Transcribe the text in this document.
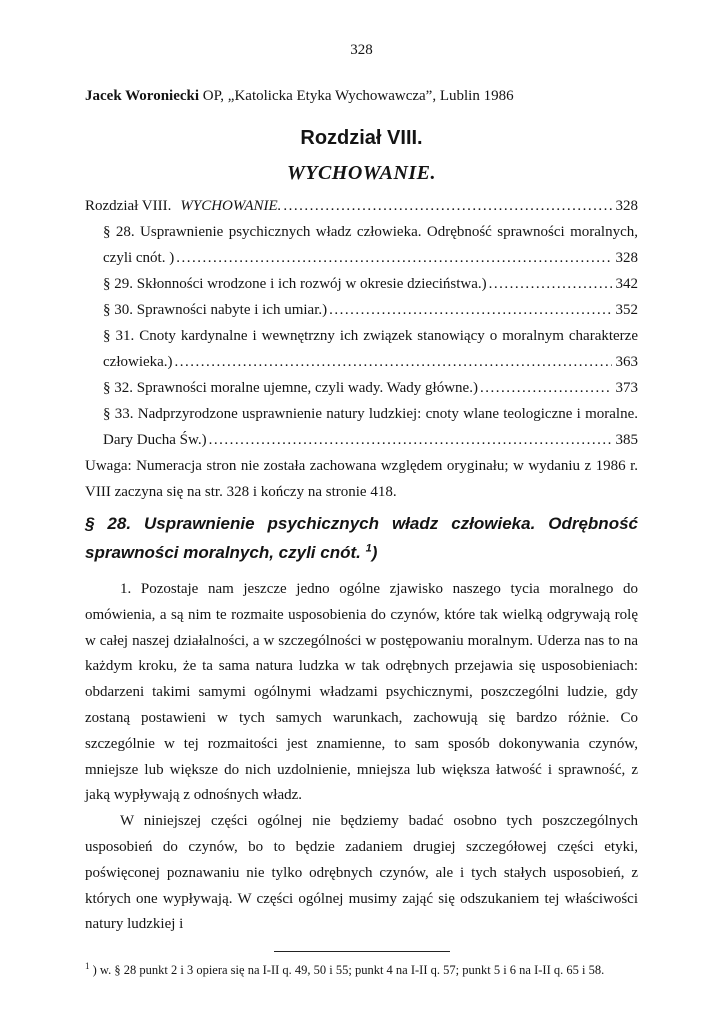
328
Jacek Woroniecki OP, „Katolicka Etyka Wychowawcza”, Lublin 1986
Rozdział VIII.
WYCHOWANIE.
Rozdział VIII. WYCHOWANIE. .....	328
§ 28. Usprawnienie psychicznych władz człowieka. Odrębność sprawności moralnych,
czyli cnót. ) .....	328
§ 29. Skłonności wrodzone i ich rozwój w okresie dzieciństwa.) .....	342
§ 30. Sprawności nabyte i ich umiar.) .....	352
§ 31. Cnoty kardynalne i wewnętrzny ich związek stanowiący o moralnym charakterze
człowieka.) .....	363
§ 32. Sprawności moralne ujemne, czyli wady. Wady główne.) .....	373
§ 33. Nadprzyrodzone usprawnienie natury ludzkiej: cnoty wlane teologiczne i moralne.
Dary Ducha Św.) .....	385
Uwaga: Numeracja stron nie została zachowana względem oryginału; w wydaniu z 1986 r. VIII zaczyna się na str. 328 i kończy na stronie 418.
§ 28. Usprawnienie psychicznych władz człowieka. Odrębność
sprawności moralnych, czyli cnót. $^1$)

1. Pozostaje nam jeszcze jedno ogólne zjawisko naszego tycia moralnego do omówienia, a są nim te rozmaite usposobienia do czynów, które tak wielką odgrywają rolę w całej naszej działalności, a w szczególności w postępowaniu moralnym. Uderza nas to na każdym kroku, że ta sama natura ludzka w tak odrębnych przejawia się usposobieniach: obdarzeni takimi samymi ogólnymi władzami psychicznymi, poszczególni ludzie, gdy zostaną postawieni w tych samych warunkach, zachowują się bardzo różnie. Co szczególnie w tej rozmaitości jest znamienne, to sam sposób dokonywania czynów, mniejsze lub większe do nich uzdolnienie, mniejsza lub większa łatwość i sprawność, z jaką wypływają z odnośnych władz.

W niniejszej części ogólnej nie będziemy badać osobno tych poszczególnych usposobień do czynów, bo to będzie zadaniem drugiej szczegółowej części etyki, poświęconej poznawaniu nie tylko odrębnych czynów, ale i tych stałych usposobień, z których one wypływają. W części ogólnej musimy zająć się odszukaniem tej właściwości natury ludzkiej i

$^1$ ) w. § 28 punkt 2 i 3 opiera się na I-II q. 49, 50 i 55; punkt 4 na I-II q. 57; punkt 5 i 6 na I-II q. 65 i 58.
